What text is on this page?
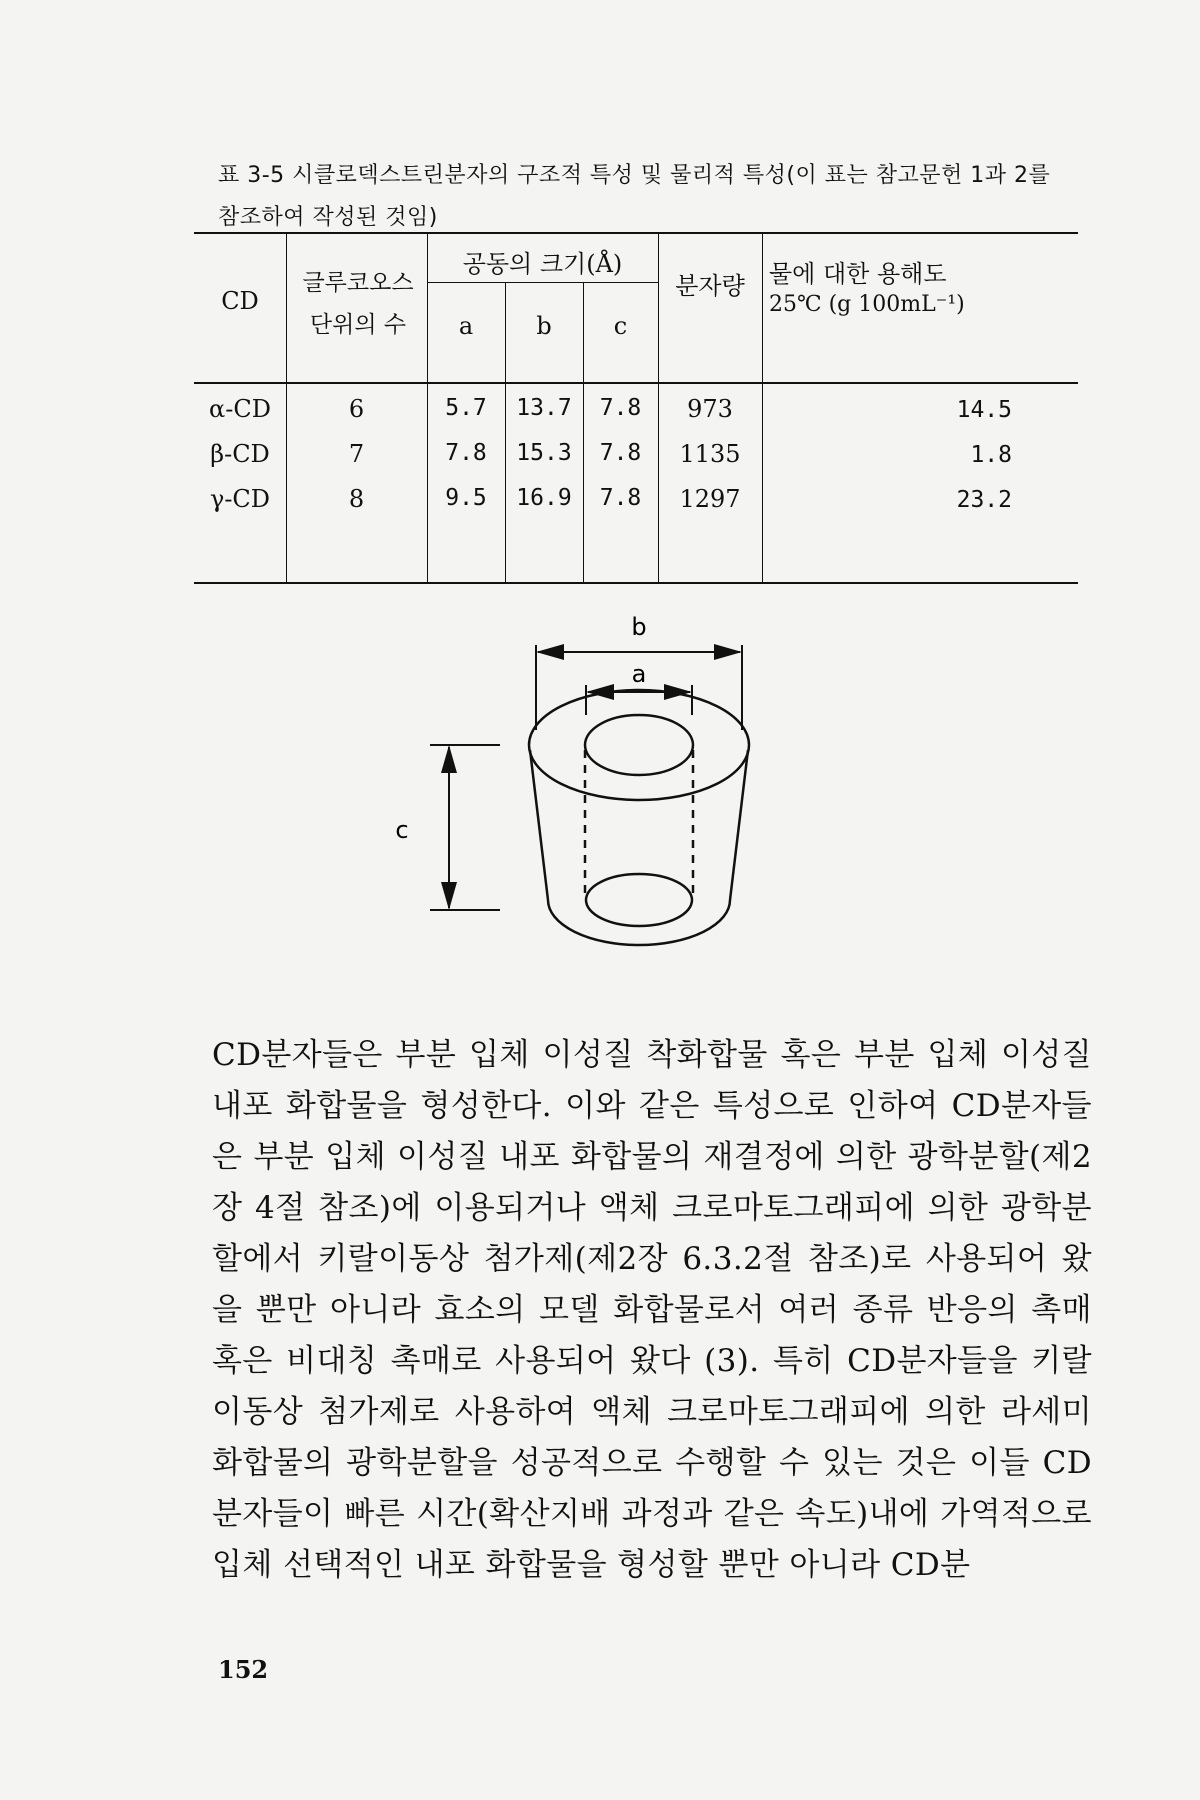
표 3-5 시클로덱스트린분자의 구조적 특성 및 물리적 특성(이 표는 참고문헌 1과 2를 참조하여 작성된 것임)
CD
글루코오스 단위의 수
공동의 크기(Å)
a	b	c
분자량	물에 대한 용해도
25℃ (g 100mL⁻¹)
α-CD	6	5.7	13.7	7.8	973	14.5
β-CD	7	7.8	15.3	7.8	1135	1.8
γ-CD	8	9.5	16.9	7.8	1297	23.2
b
a
c

CD분자들은 부분 입체 이성질 착화합물 혹은 부분 입체 이성질 내포 화합물을 형성한다. 이와 같은 특성으로 인하여 CD분자들은 부분 입체 이성질 내포 화합물의 재결정에 의한 광학분할(제2장 4절 참조)에 이용되거나 액체 크로마토그래피에 의한 광학분할에서 키랄이동상 첨가제(제2장 6.3.2절 참조)로 사용되어 왔을 뿐만 아니라 효소의 모델 화합물로서 여러 종류 반응의 촉매 혹은 비대칭 촉매로 사용되어 왔다 (3). 특히 CD분자들을 키랄이동상 첨가제로 사용하여 액체 크로마토그래피에 의한 라세미 화합물의 광학분할을 성공적으로 수행할 수 있는 것은 이들 CD분자들이 빠른 시간(확산지배 과정과 같은 속도)내에 가역적으로 입체 선택적인 내포 화합물을 형성할 뿐만 아니라 CD분

152
